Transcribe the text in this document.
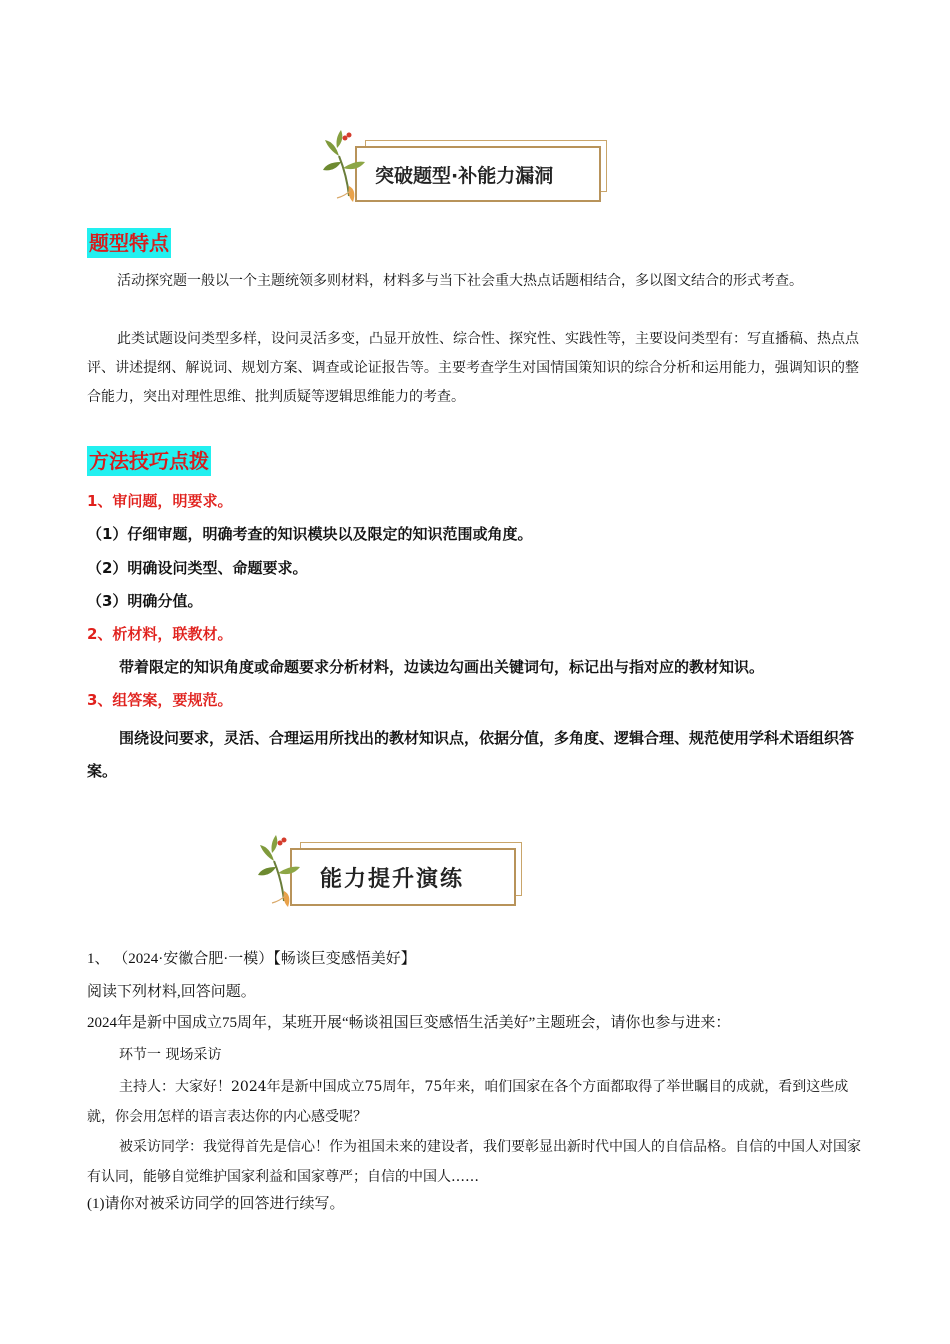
突破题型·补能力漏洞
题型特点
活动探究题一般以一个主题统领多则材料，材料多与当下社会重大热点话题相结合，多以图文结合的形式考查。
此类试题设问类型多样，设问灵活多变，凸显开放性、综合性、探究性、实践性等，主要设问类型有：写直播稿、热点点评、讲述提纲、解说词、规划方案、调查或论证报告等。主要考查学生对国情国策知识的综合分析和运用能力，强调知识的整合能力，突出对理性思维、批判质疑等逻辑思维能力的考查。
方法技巧点拨
1、审问题，明要求。
（1）仔细审题，明确考查的知识模块以及限定的知识范围或角度。
（2）明确设问类型、命题要求。
（3）明确分值。
2、析材料，联教材。
带着限定的知识角度或命题要求分析材料，边读边勾画出关键词句，标记出与指对应的教材知识。
3、组答案，要规范。
围绕设问要求，灵活、合理运用所找出的教材知识点，依据分值，多角度、逻辑合理、规范使用学科术语组织答案。
能力提升演练
1、 （2024·安徽合肥·一模）【畅谈巨变感悟美好】
阅读下列材料,回答问题。
2024年是新中国成立75周年，某班开展“畅谈祖国巨变感悟生活美好”主题班会，请你也参与进来：
环节一 现场采访
主持人：大家好！2024年是新中国成立75周年，75年来，咱们国家在各个方面都取得了举世瞩目的成就，看到这些成就，你会用怎样的语言表达你的内心感受呢？
被采访同学：我觉得首先是信心！作为祖国未来的建设者，我们要彰显出新时代中国人的自信品格。自信的中国人对国家有认同，能够自觉维护国家利益和国家尊严；自信的中国人……
(1)请你对被采访同学的回答进行续写。
